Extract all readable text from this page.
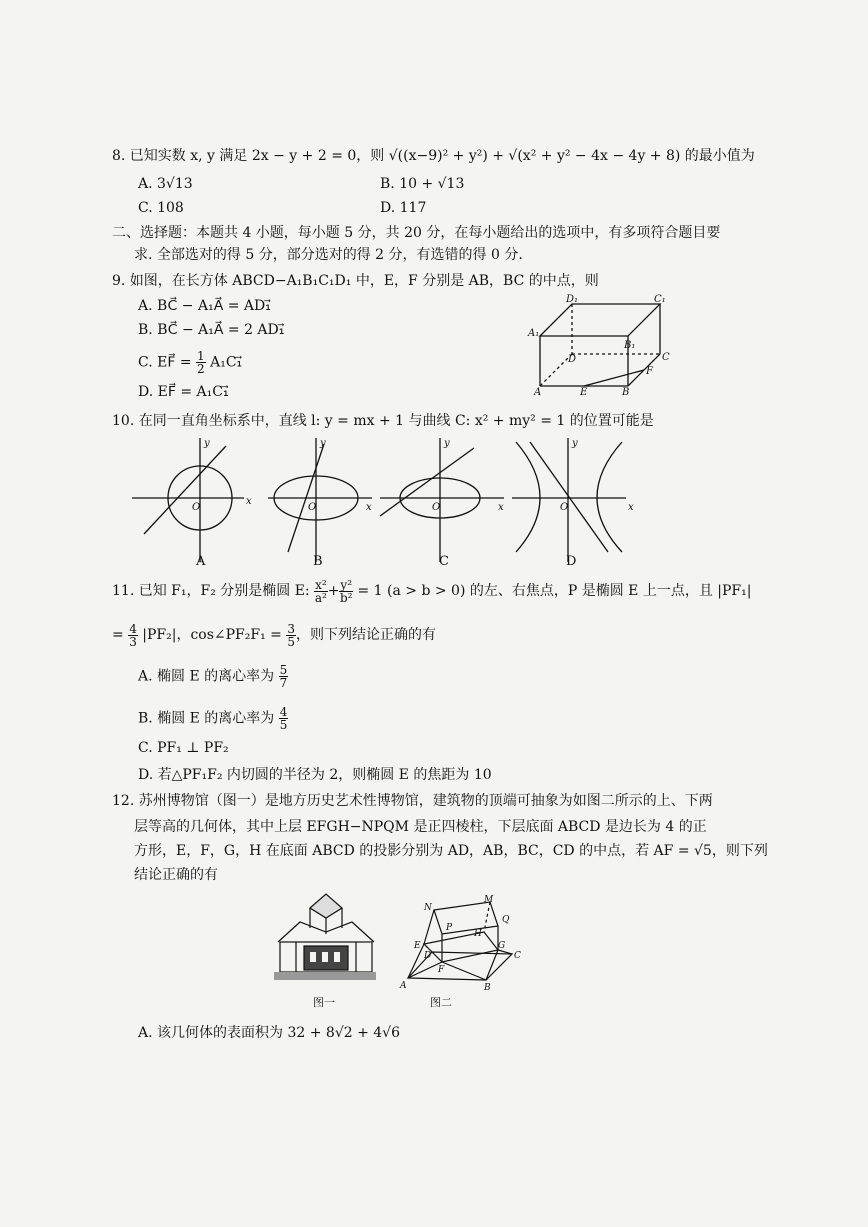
8. 已知实数 x, y 满足 2x − y + 2 = 0，则 √((x−9)² + y²) + √(x² + y² − 4x − 4y + 8) 的最小值为
A. 3√13	B. 10 + √13
C. 108	D. 117
二、选择题：本题共 4 小题，每小题 5 分，共 20 分，在每小题给出的选项中，有多项符合题目要
求. 全部选对的得 5 分，部分选对的得 2 分，有选错的得 0 分.
9. 如图，在长方体 ABCD−A₁B₁C₁D₁ 中，E，F 分别是 AB，BC 的中点，则
A. BC⃗ − A₁A⃗ = AD₁⃗
B. BC⃗ − A₁A⃗ = 2 AD₁⃗
C. EF⃗ = $\frac{1}{2}$ A₁C₁⃗
D. EF⃗ = A₁C₁⃗
D₁	C₁
A₁
B₁
D	C
A	E	B
F
10. 在同一直角坐标系中，直线 l: y = mx + 1 与曲线 C: x² + my² = 1 的位置可能是
y
O
x
y
O	x
y
O	x
y
O	x
A	B	C	D
11. 已知 F₁，F₂ 分别是椭圆 E: $\frac{\text{x²}}{\text{a²}} + \frac{\text{y²}}{\text{b²}} = 1$ (a > b > 0) 的左、右焦点，P 是椭圆 E 上一点，且 |PF₁|
= $\frac{4}{3} |PF_2|$，cos∠PF₂F₁ = $\frac{3}{5}$ ，则下列结论正确的有
A. 椭圆 E 的离心率为 $\frac{5}{7}$
B. 椭圆 E 的离心率为 $\frac{4}{5}$
C. PF₁ ⊥ PF₂
D. 若△PF₁F₂ 内切圆的半径为 2，则椭圆 E 的焦距为 10
12. 苏州博物馆（图一）是地方历史艺术性博物馆，建筑物的顶端可抽象为如图二所示的上、下两
层等高的几何体，其中上层 EFGH−NPQM 是正四棱柱，下层底面 ABCD 是边长为 4 的正
方形，E，F，G，H 在底面 ABCD 的投影分别为 AD，AB，BC，CD 的中点，若 AF = √5，则下列
结论正确的有
图一
N
M
Q
P
H
E	G
F
C
D
A	B
图二
A. 该几何体的表面积为 32 + 8√2 + 4√6
